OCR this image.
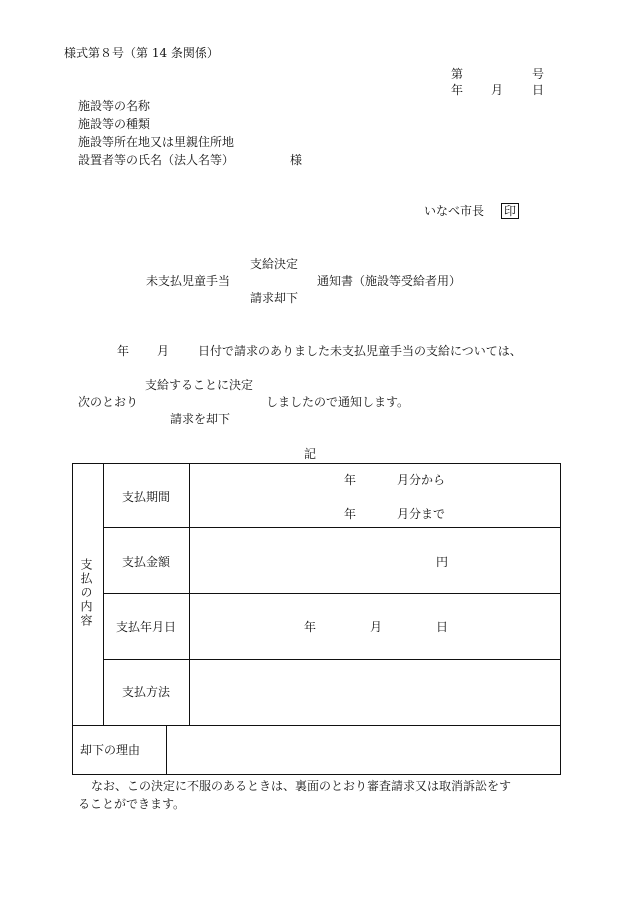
様式第８号（第 14 条関係）
第	号
年 月 日
施設等の名称
施設等の種類
施設等所在地又は里親住所地
設置者等の氏名（法人名等）	様
いなべ市長 印
支給決定
未支払児童手当	通知書（施設等受給者用）
請求却下
年 月 日付で請求のありました未支払児童手当の支給については、
支給することに決定
次のとおり	しましたので通知します。
請求を却下
記
支払の内容
支払期間
年	月分から
年	月分まで
支払金額	円
支払年月日	年	月	日
支払方法
却下の理由
なお、この決定に不服のあるときは、裏面のとおり審査請求又は取消訴訟をす
ることができます。
